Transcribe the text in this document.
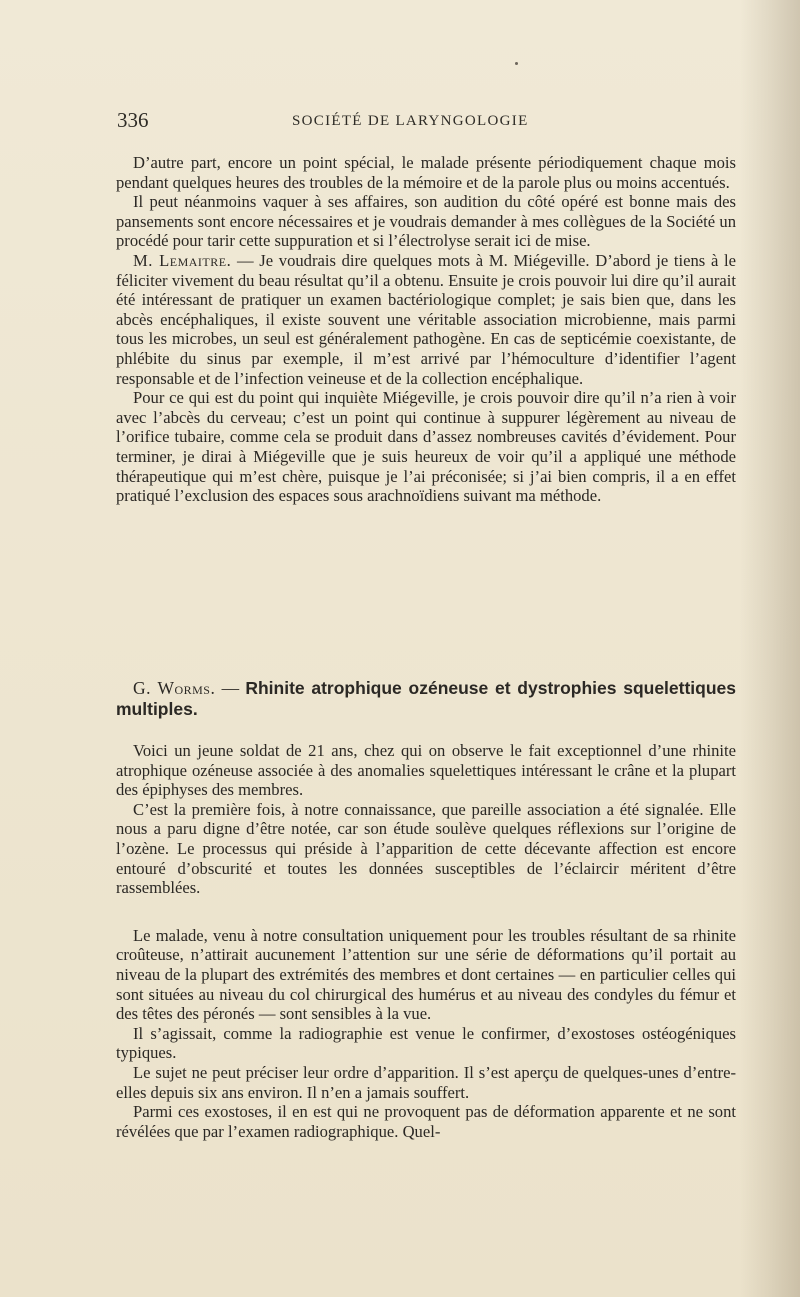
336	SOCIÉTÉ DE LARYNGOLOGIE

D’autre part, encore un point spécial, le malade présente périodiquement chaque mois pendant quelques heures des troubles de la mémoire et de la parole plus ou moins accentués.

Il peut néanmoins vaquer à ses affaires, son audition du côté opéré est bonne mais des pansements sont encore nécessaires et je voudrais demander à mes collègues de la Société un procédé pour tarir cette suppuration et si l’électrolyse serait ici de mise.

M. Lemaitre. — Je voudrais dire quelques mots à M. Miégeville. D’abord je tiens à le féliciter vivement du beau résultat qu’il a obtenu. Ensuite je crois pouvoir lui dire qu’il aurait été intéressant de pratiquer un examen bactériologique complet; je sais bien que, dans les abcès encéphaliques, il existe souvent une véritable association microbienne, mais parmi tous les microbes, un seul est généralement pathogène. En cas de septicémie coexistante, de phlébite du sinus par exemple, il m’est arrivé par l’hémoculture d’identifier l’agent responsable et de l’infection veineuse et de la collection encéphalique.

Pour ce qui est du point qui inquiète Miégeville, je crois pouvoir dire qu’il n’a rien à voir avec l’abcès du cerveau; c’est un point qui continue à suppurer légèrement au niveau de l’orifice tubaire, comme cela se produit dans d’assez nombreuses cavités d’évidement. Pour terminer, je dirai à Miégeville que je suis heureux de voir qu’il a appliqué une méthode thérapeutique qui m’est chère, puisque je l’ai préconisée; si j’ai bien compris, il a en effet pratiqué l’exclusion des espaces sous arachnoïdiens suivant ma méthode.

G. Worms. — Rhinite atrophique ozéneuse et dystrophies squelettiques multiples.

Voici un jeune soldat de 21 ans, chez qui on observe le fait exceptionnel d’une rhinite atrophique ozéneuse associée à des anomalies squelettiques intéressant le crâne et la plupart des épiphyses des membres.

C’est la première fois, à notre connaissance, que pareille association a été signalée. Elle nous a paru digne d’être notée, car son étude soulève quelques réflexions sur l’origine de l’ozène. Le processus qui préside à l’apparition de cette décevante affection est encore entouré d’obscurité et toutes les données susceptibles de l’éclaircir méritent d’être rassemblées.

Le malade, venu à notre consultation uniquement pour les troubles résultant de sa rhinite croûteuse, n’attirait aucunement l’attention sur une série de déformations qu’il portait au niveau de la plupart des extrémités des membres et dont certaines — en particulier celles qui sont situées au niveau du col chirurgical des humérus et au niveau des condyles du fémur et des têtes des péronés — sont sensibles à la vue.

Il s’agissait, comme la radiographie est venue le confirmer, d’exostoses ostéogéniques typiques.

Le sujet ne peut préciser leur ordre d’apparition. Il s’est aperçu de quelques-unes d’entre-elles depuis six ans environ. Il n’en a jamais souffert.

Parmi ces exostoses, il en est qui ne provoquent pas de déformation apparente et ne sont révélées que par l’examen radiographique. Quel-
